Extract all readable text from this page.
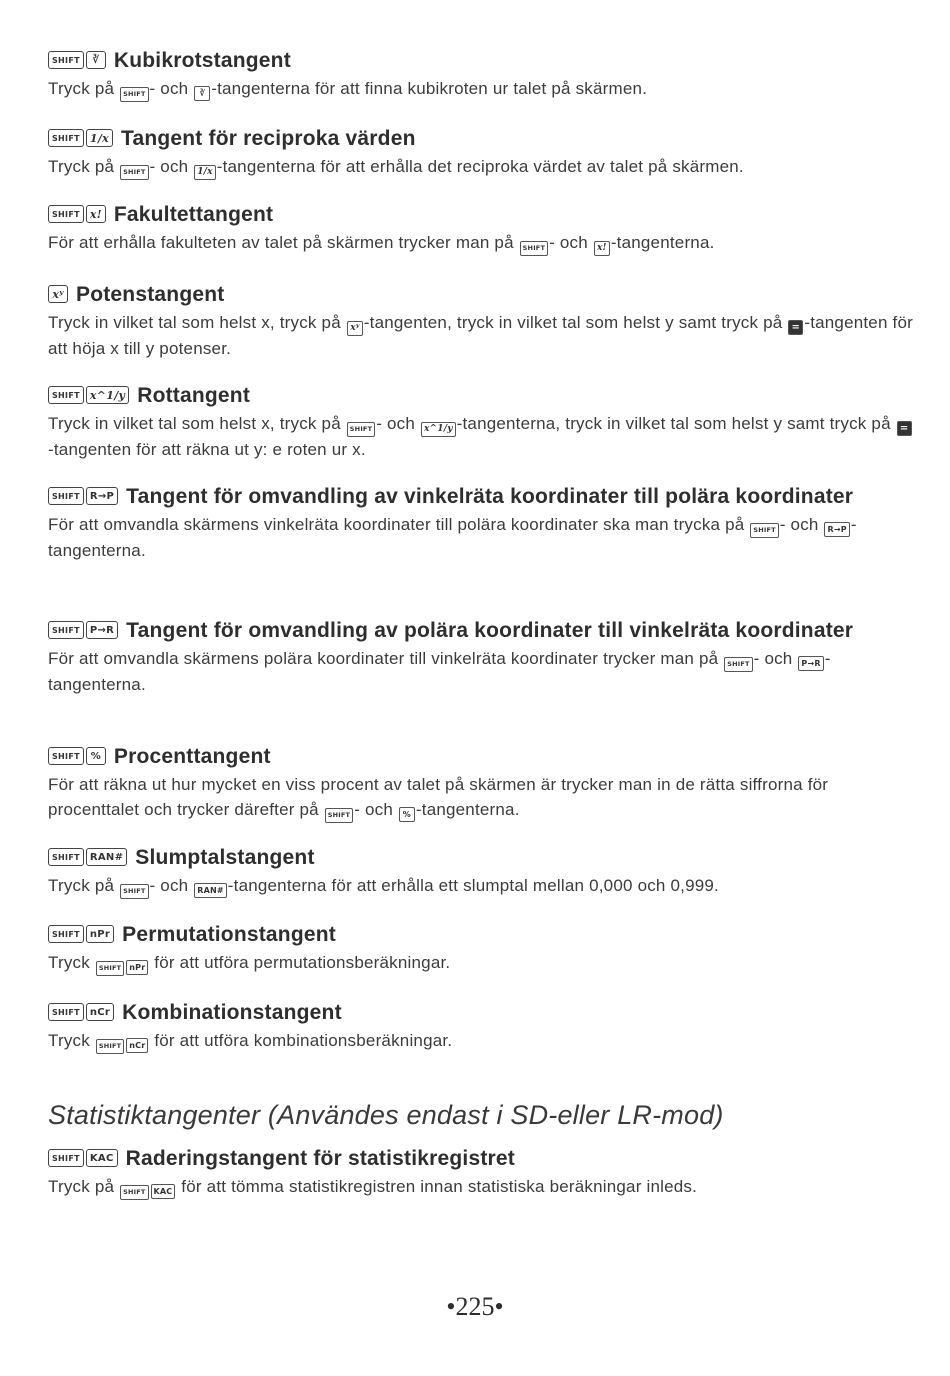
SHIFT	∛ Kubikrotstangent
Tryck på SHIFT - och ∛ -tangenterna för att finna kubikroten ur talet på skärmen.
SHIFT 1/x Tangent för reciproka värden
Tryck på SHIFT - och 1/x -tangenterna för att erhålla det reciproka värdet av talet på skärmen.
SHIFT x! Fakultettangent
För att erhålla fakulteten av talet på skärmen trycker man på SHIFT - och x! -tangenterna.
xʸ Potenstangent
Tryck in vilket tal som helst x, tryck på xʸ -tangenten, tryck in vilket tal som helst y samt tryck på = -tangenten för att höja x till y potenser.
SHIFT x^1/y Rottangent
Tryck in vilket tal som helst x, tryck på SHIFT - och x^1/y -tangenterna, tryck in vilket tal som helst y samt tryck på =-tangenten för att räkna ut y: e roten ur x.
SHIFT	R→P Tangent för omvandling av vinkelräta koordinater till polära koordinater
För att omvandla skärmens vinkelräta koordinater till polära koordinater ska man trycka på SHIFT - och R→P -tangenterna.
SHIFT	P→R Tangent för omvandling av polära koordinater till vinkelräta koordinater
För att omvandla skärmens polära koordinater till vinkelräta koordinater trycker man på SHIFT - och P→R -tangenterna.
SHIFT	% Procenttangent
För att räkna ut hur mycket en viss procent av talet på skärmen är trycker man in de rätta siffrorna för procenttalet och trycker därefter på SHIFT - och % -tangenterna.
SHIFT	RAN# Slumptalstangent
Tryck på SHIFT - och RAN# -tangenterna för att erhålla ett slumptal mellan 0,000 och 0,999.
SHIFT	nPr Permutationstangent
Tryck SHIFT nPr för att utföra permutationsberäkningar.
SHIFT	nCr Kombinationstangent
Tryck SHIFT nCr för att utföra kombinationsberäkningar.
Statistiktangenter (Användes endast i SD-eller LR-mod)
SHIFT	KAC Raderingstangent för statistikregistret
Tryck på SHIFT KAC för att tömma statistikregistren innan statistiska beräkningar inleds.
•225•
